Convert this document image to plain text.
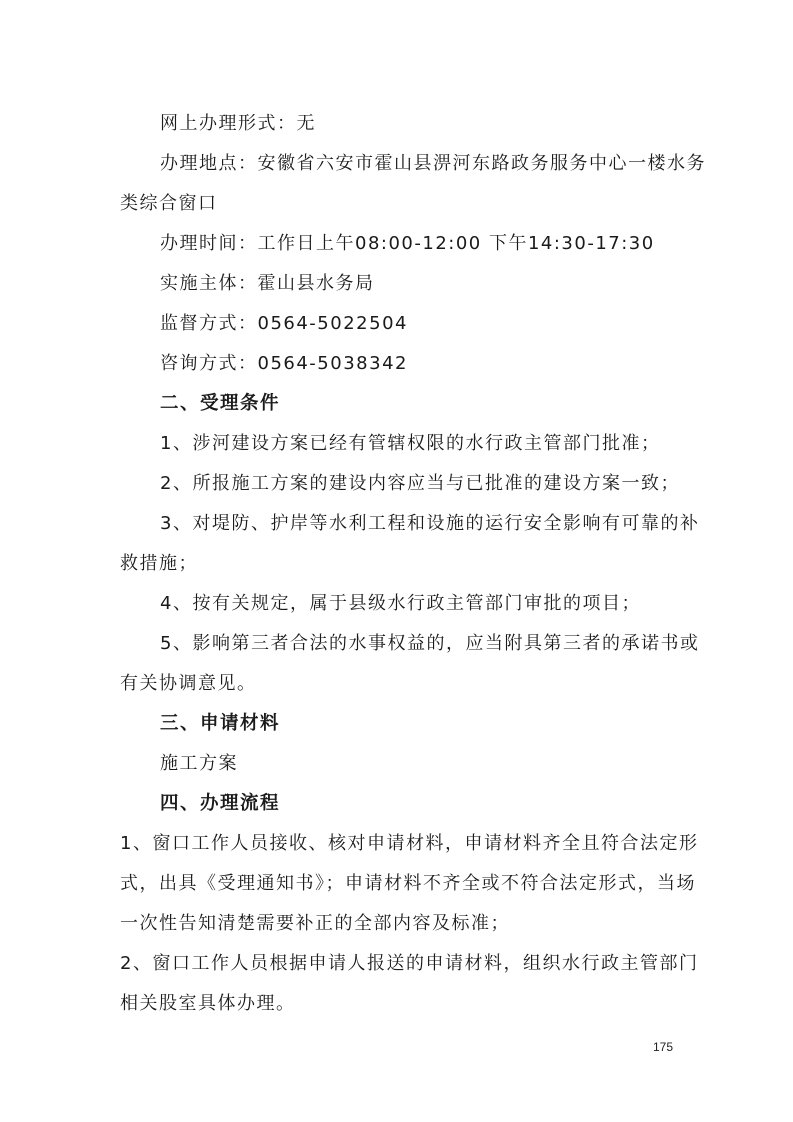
网上办理形式：无
办理地点：安徽省六安市霍山县淠河东路政务服务中心一楼水务
类综合窗口
办理时间：工作日上午08:00-12:00 下午14:30-17:30
实施主体：霍山县水务局
监督方式：0564-5022504
咨询方式：0564-5038342
二、受理条件
1、涉河建设方案已经有管辖权限的水行政主管部门批准；
2、所报施工方案的建设内容应当与已批准的建设方案一致；
3、对堤防、护岸等水利工程和设施的运行安全影响有可靠的补
救措施；
4、按有关规定，属于县级水行政主管部门审批的项目；
5、影响第三者合法的水事权益的，应当附具第三者的承诺书或
有关协调意见。
三、申请材料
施工方案
四、办理流程
1、窗口工作人员接收、核对申请材料，申请材料齐全且符合法定形
式，出具《受理通知书》；申请材料不齐全或不符合法定形式，当场
一次性告知清楚需要补正的全部内容及标准；
2、窗口工作人员根据申请人报送的申请材料，组织水行政主管部门
相关股室具体办理。
175
